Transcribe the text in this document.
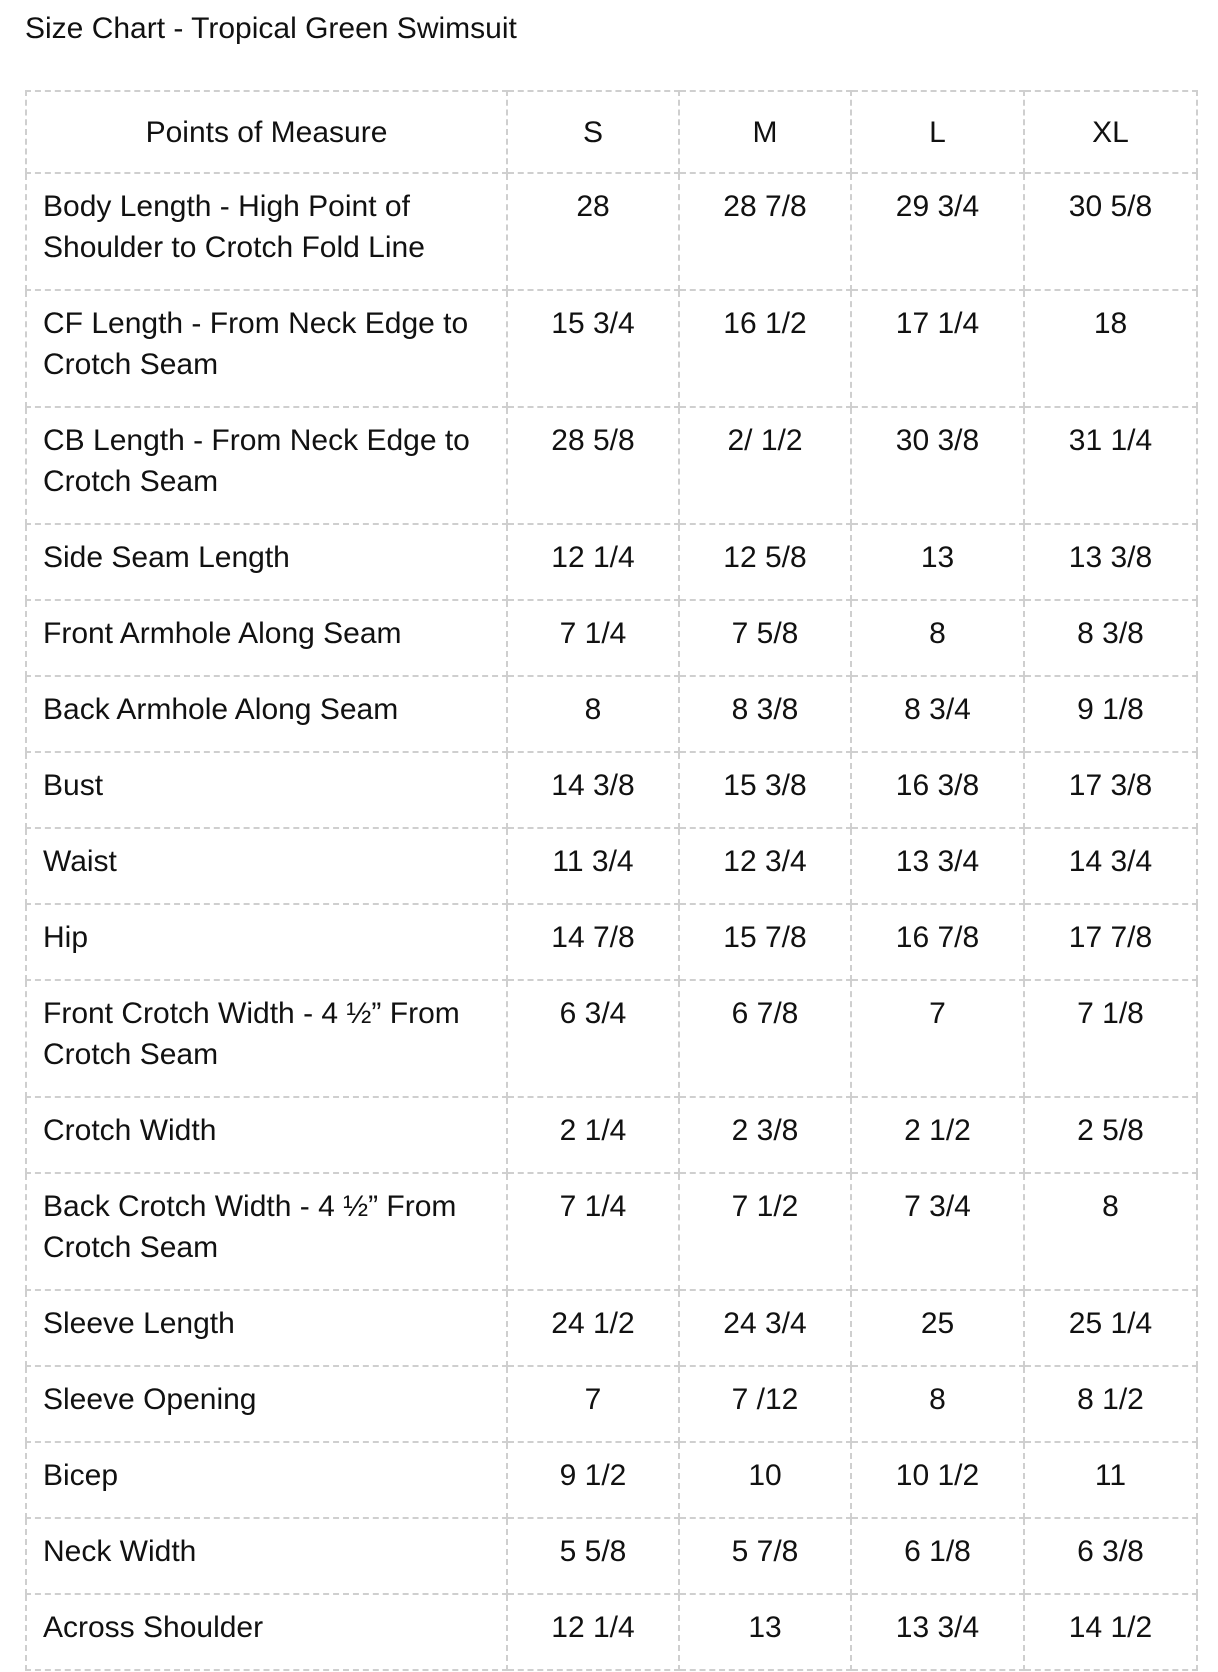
Size Chart - Tropical Green Swimsuit
Points of Measure	S	M	L	XL
Body Length - High Point of Shoulder to Crotch Fold Line	28	28 7/8	29 3/4	30 5/8
CF Length - From Neck Edge to Crotch Seam	15 3/4	16 1/2	17 1/4	18
CB Length - From Neck Edge to Crotch Seam	28 5/8	2/ 1/2	30 3/8	31 1/4
Side Seam Length	12 1/4	12 5/8	13	13 3/8
Front Armhole Along Seam	7 1/4	7 5/8	8	8 3/8
Back Armhole Along Seam	8	8 3/8	8 3/4	9 1/8
Bust	14 3/8	15 3/8	16 3/8	17 3/8
Waist	11 3/4	12 3/4	13 3/4	14 3/4
Hip	14 7/8	15 7/8	16 7/8	17 7/8
Front Crotch Width - 4 ½” From Crotch Seam	6 3/4	6 7/8	7	7 1/8
Crotch Width	2 1/4	2 3/8	2 1/2	2 5/8
Back Crotch Width - 4 ½” From Crotch Seam	7 1/4	7 1/2	7 3/4	8
Sleeve Length	24 1/2	24 3/4	25	25 1/4
Sleeve Opening	7	7 /12	8	8 1/2
Bicep	9 1/2	10	10 1/2	11
Neck Width	5 5/8	5 7/8	6 1/8	6 3/8
Across Shoulder	12 1/4	13	13 3/4	14 1/2
